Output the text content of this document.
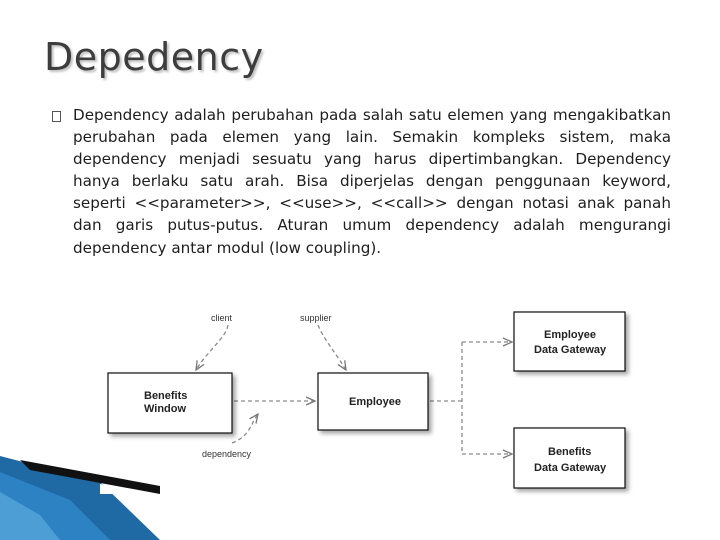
Depedency
Dependency adalah perubahan pada salah satu elemen yang mengakibatkan perubahan pada elemen yang lain. Semakin kompleks sistem, maka dependency menjadi sesuatu yang harus dipertimbangkan. Dependency hanya berlaku satu arah. Bisa diperjelas dengan penggunaan keyword, seperti <<parameter>>, <<use>>, <<call>> dengan notasi anak panah dan garis putus-putus. Aturan umum dependency adalah mengurangi dependency antar modul (low coupling).
Benefits
Window
Employee
Employee
Data Gateway
Benefits
Data Gateway
client	supplier
dependency
